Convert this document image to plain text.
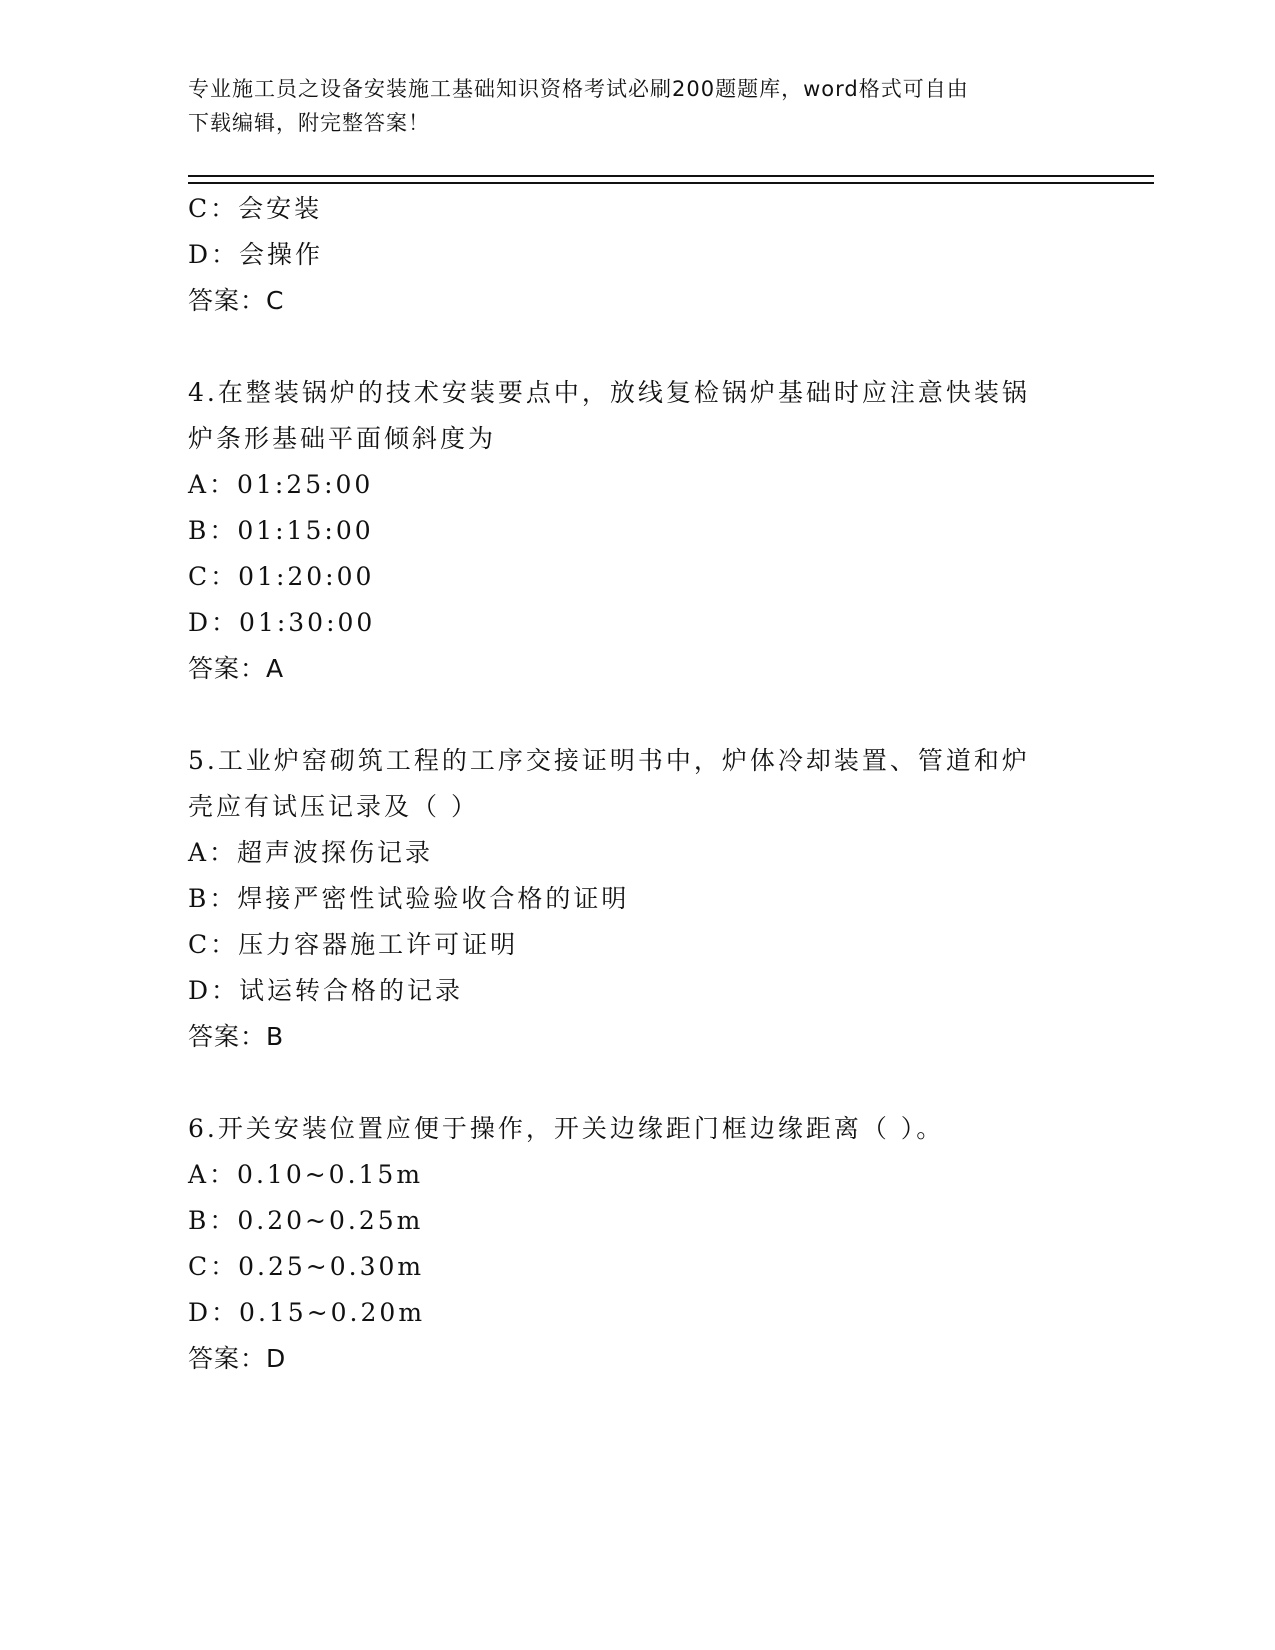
专业施工员之设备安装施工基础知识资格考试必刷200题题库，word格式可自由
下载编辑，附完整答案！
C：会安装
D：会操作
答案：C
4.在整装锅炉的技术安装要点中，放线复检锅炉基础时应注意快装锅
炉条形基础平面倾斜度为
A：01:25:00
B：01:15:00
C：01:20:00
D：01:30:00
答案：A
5.工业炉窑砌筑工程的工序交接证明书中，炉体冷却装置、管道和炉
壳应有试压记录及（ ）
A：超声波探伤记录
B：焊接严密性试验验收合格的证明
C：压力容器施工许可证明
D：试运转合格的记录
答案：B
6.开关安装位置应便于操作，开关边缘距门框边缘距离（ ）。
A：0.10~0.15m
B：0.20~0.25m
C：0.25~0.30m
D：0.15~0.20m
答案：D
